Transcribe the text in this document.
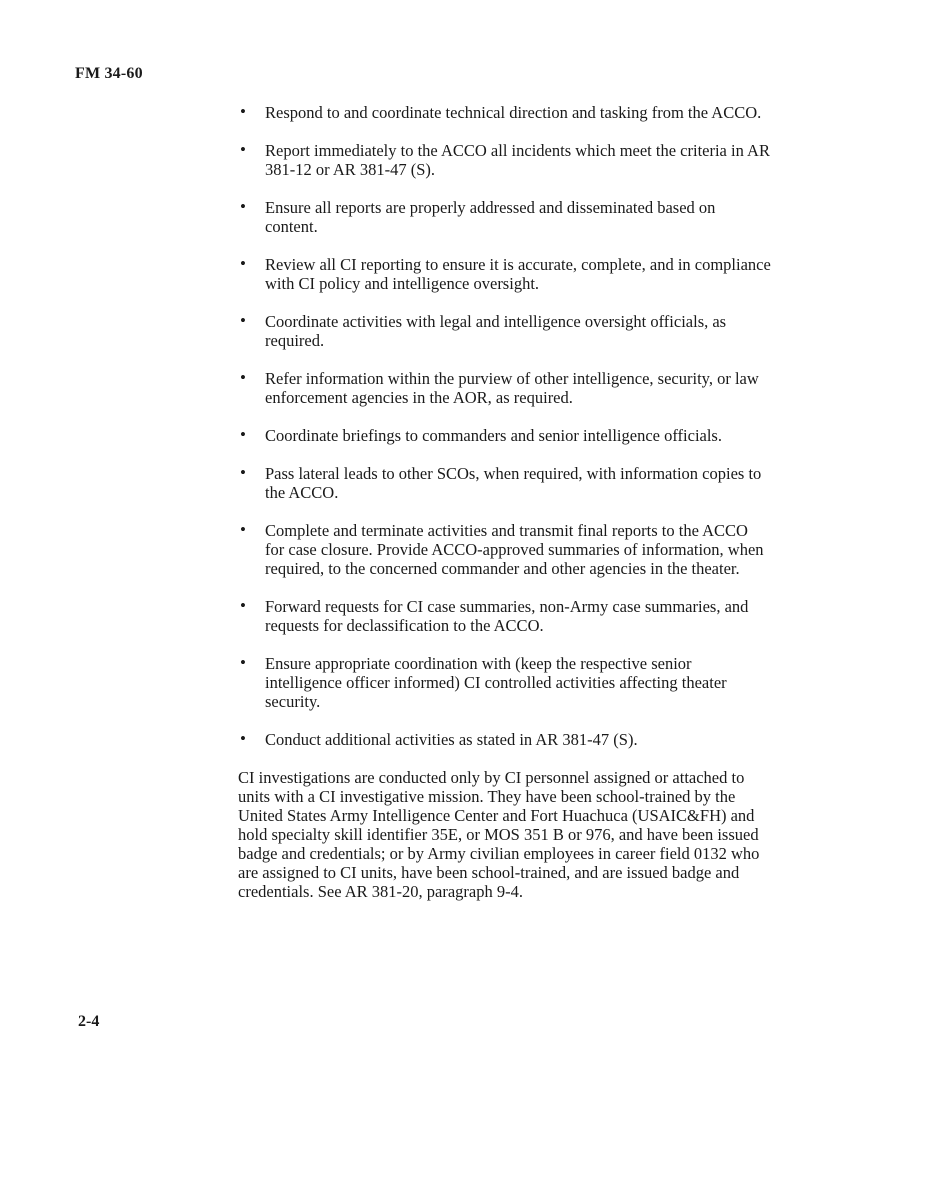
FM 34-60
• Respond to and coordinate technical direction and tasking from the ACCO.
• Report immediately to the ACCO all incidents which meet the criteria in AR 381-12 or AR 381-47 (S).
• Ensure all reports are properly addressed and disseminated based on content.
• Review all CI reporting to ensure it is accurate, complete, and in compliance with CI policy and intelligence oversight.
• Coordinate activities with legal and intelligence oversight officials, as required.
• Refer information within the purview of other intelligence, security, or law enforcement agencies in the AOR, as required.
• Coordinate briefings to commanders and senior intelligence officials.
• Pass lateral leads to other SCOs, when required, with information copies to the ACCO.
• Complete and terminate activities and transmit final reports to the ACCO for case closure. Provide ACCO-approved summaries of information, when required, to the concerned commander and other agencies in the theater.
• Forward requests for CI case summaries, non-Army case summaries, and requests for declassification to the ACCO.
• Ensure appropriate coordination with (keep the respective senior intelligence officer informed) CI controlled activities affecting theater security.
• Conduct additional activities as stated in AR 381-47 (S).

CI investigations are conducted only by CI personnel assigned or attached to units with a CI investigative mission. They have been school-trained by the United States Army Intelligence Center and Fort Huachuca (USAIC&FH) and hold specialty skill identifier 35E, or MOS 351 B or 976, and have been issued badge and credentials; or by Army civilian employees in career field 0132 who are assigned to CI units, have been school-trained, and are issued badge and credentials. See AR 381-20, paragraph 9-4.

2-4
